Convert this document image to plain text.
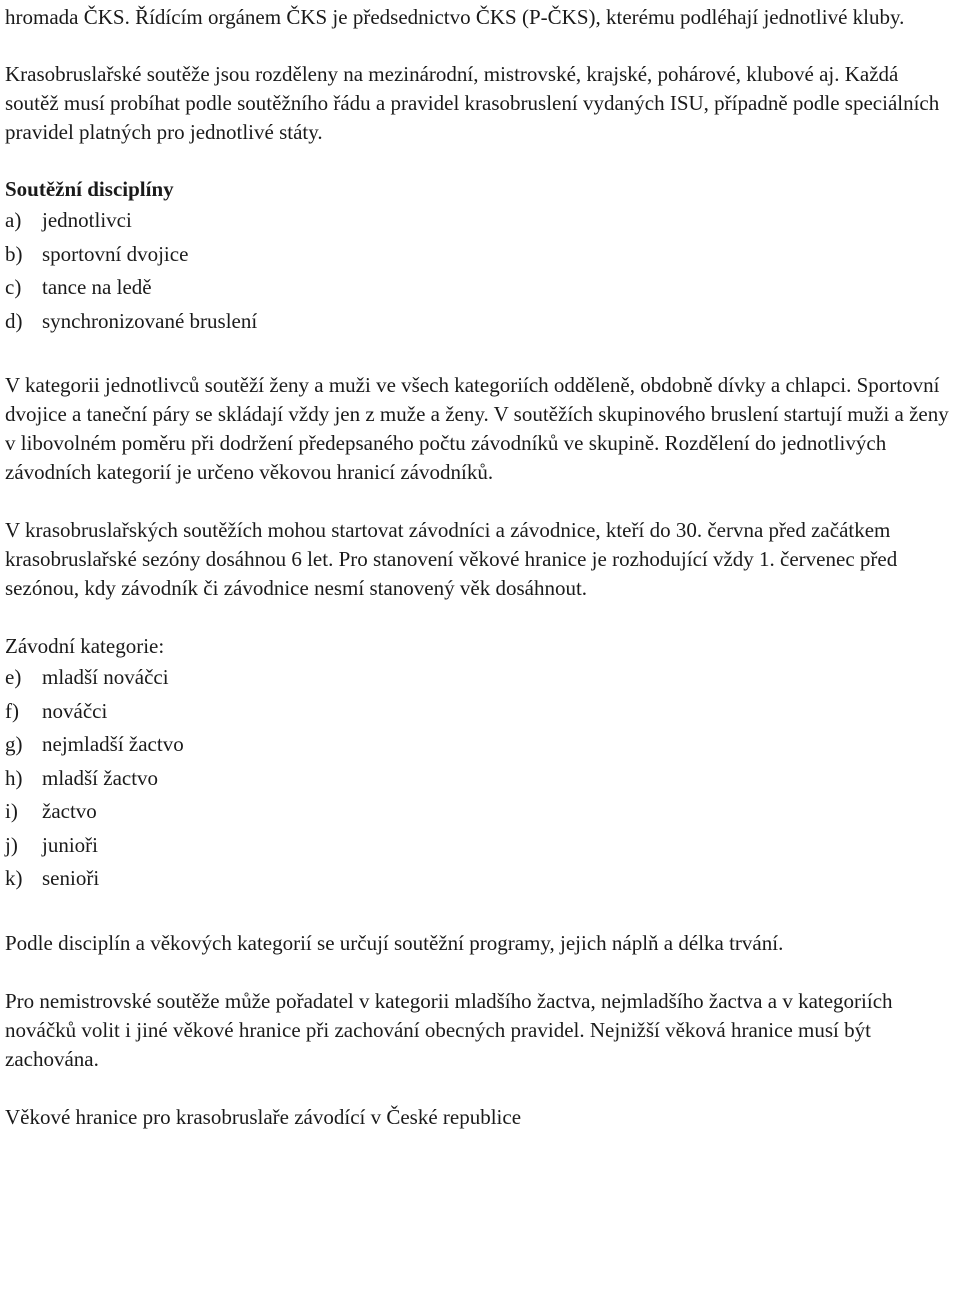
hromada ČKS. Řídícím orgánem ČKS je předsednictvo ČKS (P-ČKS), kterému podléhají jednotlivé kluby.

Krasobruslařské soutěže jsou rozděleny na mezinárodní, mistrovské, krajské, pohárové, klubové aj. Každá soutěž musí probíhat podle soutěžního řádu a pravidel krasobruslení vydaných ISU, případně podle speciálních pravidel platných pro jednotlivé státy.

Soutěžní disciplíny

a) jednotlivci
b) sportovní dvojice
c) tance na ledě
d) synchronizované bruslení

V kategorii jednotlivců soutěží ženy a muži ve všech kategoriích odděleně, obdobně dívky a chlapci. Sportovní dvojice a taneční páry se skládají vždy jen z muže a ženy. V soutěžích skupinového bruslení startují muži a ženy v libovolném poměru při dodržení předepsaného počtu závodníků ve skupině. Rozdělení do jednotlivých závodních kategorií je určeno věkovou hranicí závodníků.

V krasobruslařských soutěžích mohou startovat závodníci a závodnice, kteří do 30. června před začátkem krasobruslařské sezóny dosáhnou 6 let. Pro stanovení věkové hranice je rozhodující vždy 1. červenec před sezónou, kdy závodník či závodnice nesmí stanovený věk dosáhnout.

Závodní kategorie:

e) mladší nováčci
f)	nováčci
g) nejmladší žactvo
h) mladší žactvo
i)	žactvo
j)	junioři
k) senioři

Podle disciplín a věkových kategorií se určují soutěžní programy, jejich náplň a délka trvání.

Pro nemistrovské soutěže může pořadatel v kategorii mladšího žactva, nejmladšího žactva a v kategoriích nováčků volit i jiné věkové hranice při zachování obecných pravidel. Nejnižší věková hranice musí být zachována.

Věkové hranice pro krasobruslaře závodící v České republice
